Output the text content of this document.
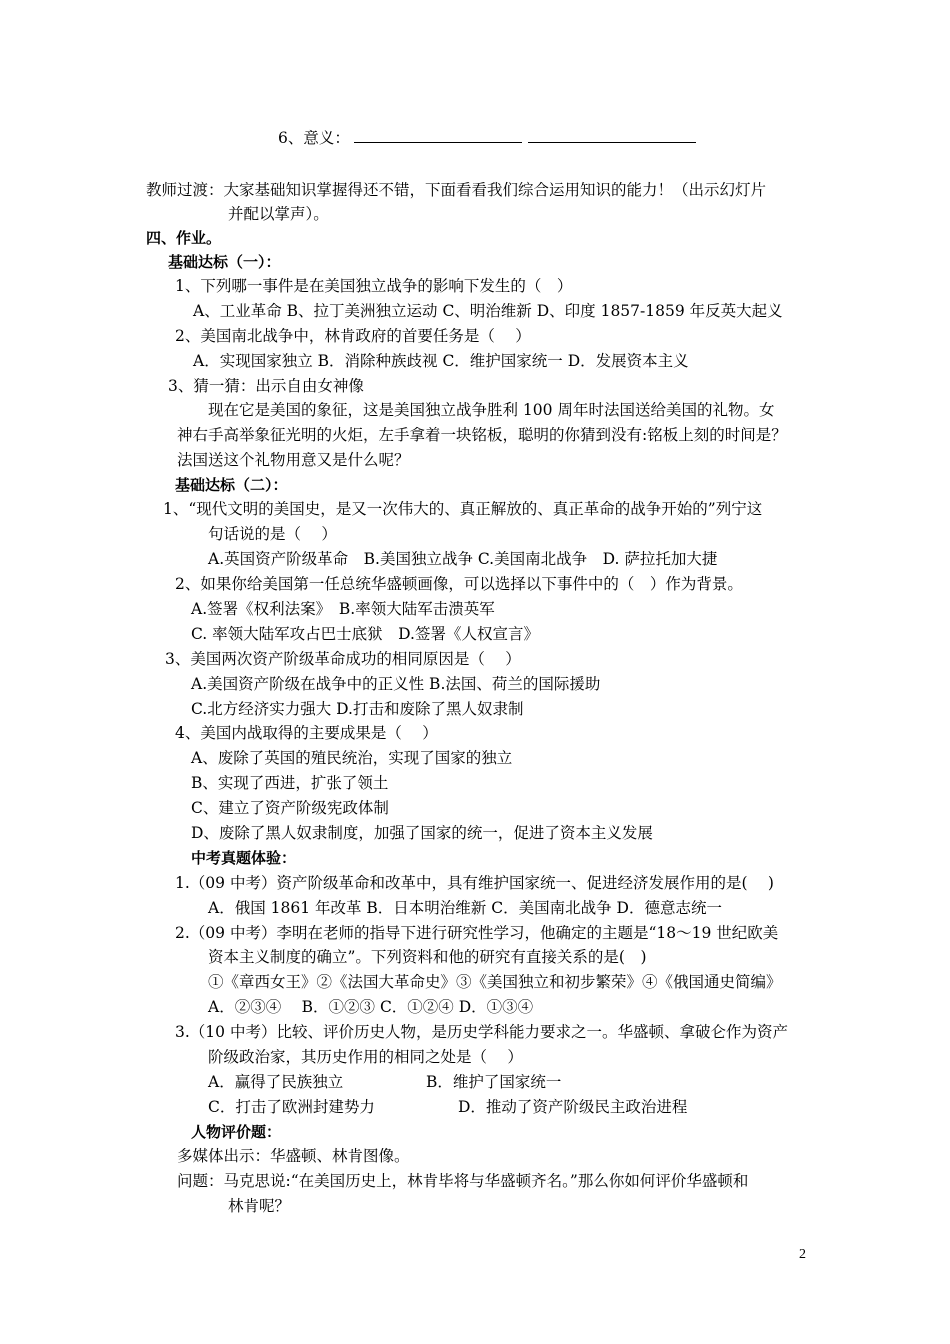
6、意义：
教师过渡：大家基础知识掌握得还不错，下面看看我们综合运用知识的能力！（出示幻灯片
并配以掌声）。
四、作业。
基础达标（一）：
1、下列哪一事件是在美国独立战争的影响下发生的（　）
A、工业革命 B、拉丁美洲独立运动 C、明治维新 D、印度 1857-1859 年反英大起义
2、美国南北战争中，林肯政府的首要任务是（　 ）
A．实现国家独立 B．消除种族歧视 C．维护国家统一 D．发展资本主义
3、猜一猜：出示自由女神像
现在它是美国的象征，这是美国独立战争胜利 100 周年时法国送给美国的礼物。女
神右手高举象征光明的火炬，左手拿着一块铭板，聪明的你猜到没有:铭板上刻的时间是？
法国送这个礼物用意又是什么呢？
基础达标（二）：
1、“现代文明的美国史，是又一次伟大的、真正解放的、真正革命的战争开始的”列宁这
句话说的是（　 ）
A.英国资产阶级革命　B.美国独立战争 C.美国南北战争　D. 萨拉托加大捷
2、如果你给美国第一任总统华盛顿画像，可以选择以下事件中的（　）作为背景。
A.签署《权利法案》　B.率领大陆军击溃英军
C. 率领大陆军攻占巴士底狱　D.签署《人权宣言》
3、美国两次资产阶级革命成功的相同原因是（　 ）
A.美国资产阶级在战争中的正义性 B.法国、荷兰的国际援助
C.北方经济实力强大 D.打击和废除了黑人奴隶制
4、美国内战取得的主要成果是（　 ）
A、废除了英国的殖民统治，实现了国家的独立
B、实现了西进，扩张了领土
C、建立了资产阶级宪政体制
D、废除了黑人奴隶制度，加强了国家的统一，促进了资本主义发展
中考真题体验：
1.（09 中考）资产阶级革命和改革中，具有维护国家统一、促进经济发展作用的是(　 )
A．俄国 1861 年改革 B．日本明治维新 C．美国南北战争 D．德意志统一
2.（09 中考）李明在老师的指导下进行研究性学习，他确定的主题是“18～19 世纪欧美
资本主义制度的确立”。下列资料和他的研究有直接关系的是(　)
①《章西女王》②《法国大革命史》③《美国独立和初步繁荣》④《俄国通史简编》
A．②③④　 B．①②③ C．①②④ D．①③④
3.（10 中考）比较、评价历史人物，是历史学科能力要求之一。华盛顿、拿破仑作为资产
阶级政治家，其历史作用的相同之处是（　 ）
A．赢得了民族独立	B．维护了国家统一
C．打击了欧洲封建势力	D．推动了资产阶级民主政治进程
人物评价题：
多媒体出示：华盛顿、林肯图像。
问题：马克思说:“在美国历史上，林肯毕将与华盛顿齐名。”那么你如何评价华盛顿和
林肯呢？
2
